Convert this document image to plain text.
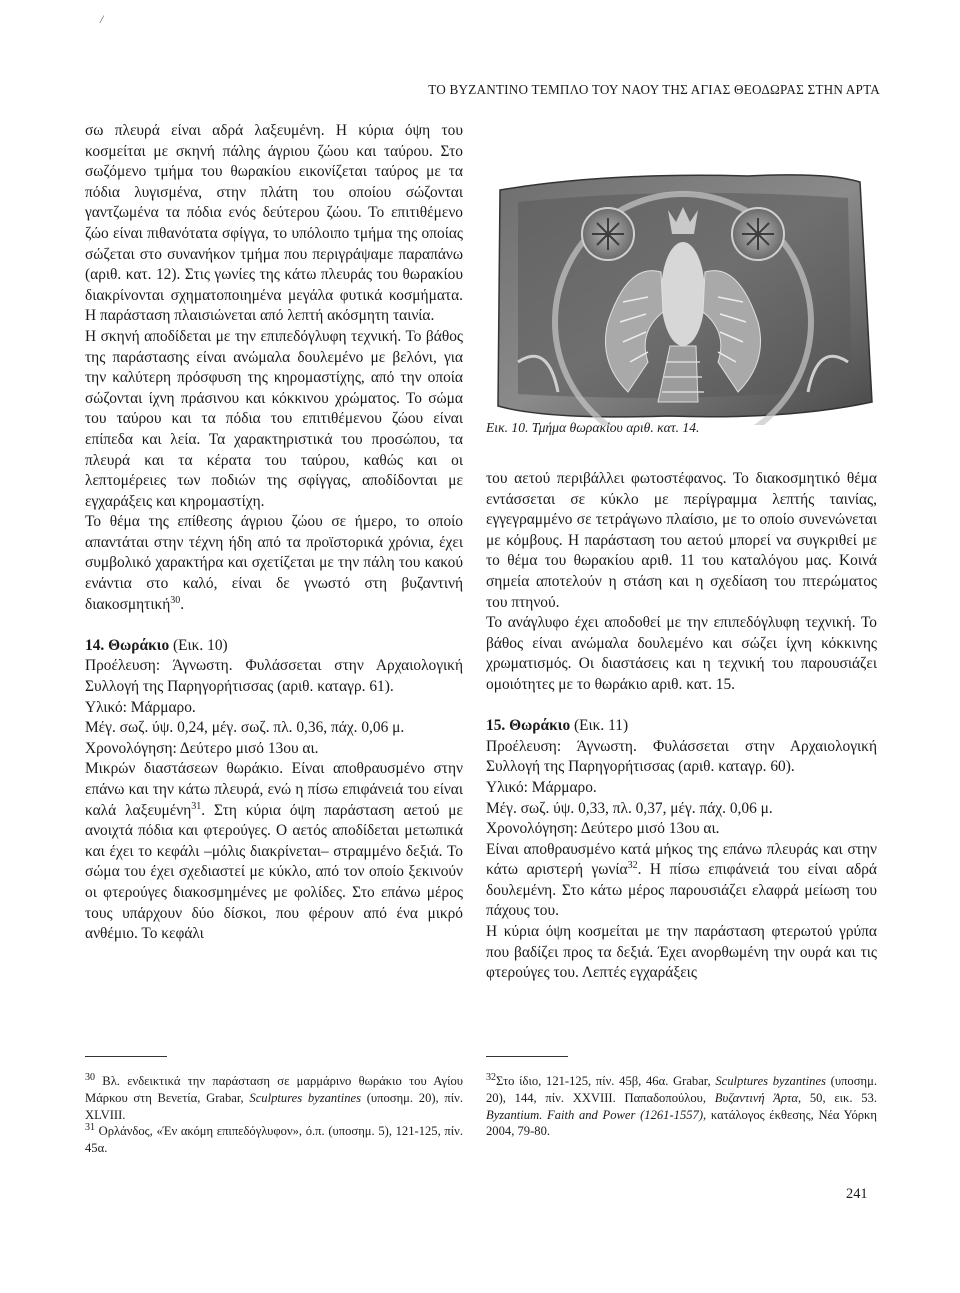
/
ΤΟ ΒΥΖΑΝΤΙΝΟ ΤΕΜΠΛΟ ΤΟΥ ΝΑΟΥ ΤΗΣ ΑΓΙΑΣ ΘΕΟΔΩΡΑΣ ΣΤΗΝ ΑΡΤΑ

σω πλευρά είναι αδρά λαξευμένη. Η κύρια όψη του κοσμείται με σκηνή πάλης άγριου ζώου και ταύρου. Στο σωζόμενο τμήμα του θωρακίου εικονίζεται ταύρος με τα πόδια λυγισμένα, στην πλάτη του οποίου σώζονται γαντζωμένα τα πόδια ενός δεύτερου ζώου. Το επιτιθέμενο ζώο είναι πιθανότατα σφίγγα, το υπόλοιπο τμήμα της οποίας σώζεται στο συνανήκον τμήμα που περιγράψαμε παραπάνω (αριθ. κατ. 12). Στις γωνίες της κάτω πλευράς του θωρακίου διακρίνονται σχηματοποιημένα μεγάλα φυτικά κοσμήματα. Η παράσταση πλαισιώνεται από λεπτή ακόσμητη ταινία.

Η σκηνή αποδίδεται με την επιπεδόγλυφη τεχνική. Το βάθος της παράστασης είναι ανώμαλα δουλεμένο με βελόνι, για την καλύτερη πρόσφυση της κηρομαστίχης, από την οποία σώζονται ίχνη πράσινου και κόκκινου χρώματος. Το σώμα του ταύρου και τα πόδια του επιτιθέμενου ζώου είναι επίπεδα και λεία. Τα χαρακτηριστικά του προσώπου, τα πλευρά και τα κέρατα του ταύρου, καθώς και οι λεπτομέρειες των ποδιών της σφίγγας, αποδίδονται με εγχαράξεις και κηρομαστίχη.

Το θέμα της επίθεσης άγριου ζώου σε ήμερο, το οποίο απαντάται στην τέχνη ήδη από τα προϊστορικά χρόνια, έχει συμβολικό χαρακτήρα και σχετίζεται με την πάλη του κακού ενάντια στο καλό, είναι δε γνωστό στη βυζαντινή διακοσμητική$^{30}$.

14. Θωράκιο (Εικ. 10)

Προέλευση: Άγνωστη. Φυλάσσεται στην Αρχαιολογική Συλλογή της Παρηγορήτισσας (αριθ. καταγρ. 61).

Υλικό: Μάρμαρο.

Μέγ. σωζ. ύψ. 0,24, μέγ. σωζ. πλ. 0,36, πάχ. 0,06 μ.

Χρονολόγηση: Δεύτερο μισό 13ου αι.

Μικρών διαστάσεων θωράκιο. Είναι αποθραυσμένο στην επάνω και την κάτω πλευρά, ενώ η πίσω επιφάνειά του είναι καλά λαξευμένη$^{31}$. Στη κύρια όψη παράσταση αετού με ανοιχτά πόδια και φτερούγες. Ο αετός αποδίδεται μετωπικά και έχει το κεφάλι –μόλις διακρίνεται– στραμμένο δεξιά. Το σώμα του έχει σχεδιαστεί με κύκλο, από τον οποίο ξεκινούν οι φτερούγες διακοσμημένες με φολίδες. Στο επάνω μέρος τους υπάρχουν δύο δίσκοι, που φέρουν από ένα μικρό ανθέμιο. Το κεφάλι

Εικ. 10. Τμήμα θωρακίου αριθ. κατ. 14.

του αετού περιβάλλει φωτοστέφανος. Το διακοσμητικό θέμα εντάσσεται σε κύκλο με περίγραμμα λεπτής ταινίας, εγγεγραμμένο σε τετράγωνο πλαίσιο, με το οποίο συνενώνεται με κόμβους. Η παράσταση του αετού μπορεί να συγκριθεί με το θέμα του θωρακίου αριθ. 11 του καταλόγου μας. Κοινά σημεία αποτελούν η στάση και η σχεδίαση του πτερώματος του πτηνού.

Το ανάγλυφο έχει αποδοθεί με την επιπεδόγλυφη τεχνική. Το βάθος είναι ανώμαλα δουλεμένο και σώζει ίχνη κόκκινης χρωματισμός. Οι διαστάσεις και η τεχνική του παρουσιάζει ομοιότητες με το θωράκιο αριθ. κατ. 15.

15. Θωράκιο (Εικ. 11)

Προέλευση: Άγνωστη. Φυλάσσεται στην Αρχαιολογική Συλλογή της Παρηγορήτισσας (αριθ. καταγρ. 60).

Υλικό: Μάρμαρο.

Μέγ. σωζ. ύψ. 0,33, πλ. 0,37, μέγ. πάχ. 0,06 μ.

Χρονολόγηση: Δεύτερο μισό 13ου αι.

Είναι αποθραυσμένο κατά μήκος της επάνω πλευράς και στην κάτω αριστερή γωνία$^{32}$. Η πίσω επιφάνειά του είναι αδρά δουλεμένη. Στο κάτω μέρος παρουσιάζει ελαφρά μείωση του πάχους του.

Η κύρια όψη κοσμείται με την παράσταση φτερωτού γρύπα που βαδίζει προς τα δεξιά. Έχει ανορθωμένη την ουρά και τις φτερούγες του. Λεπτές εγχαράξεις

$^{30}$ Βλ. ενδεικτικά την παράσταση σε μαρμάρινο θωράκιο του Αγίου Μάρκου στη Βενετία, Grabar, Sculptures byzantines (υποσημ. 20), πίν. XLVIII.

$^{31}$ Ορλάνδος, «Έν ακόμη επιπεδόγλυφον», ό.π. (υποσημ. 5), 121-125, πίν. 45α.

$^{32}$Στο ίδιο, 121-125, πίν. 45β, 46α. Grabar, Sculptures byzantines (υποσημ. 20), 144, πίν. XXVIII. Παπαδοπούλου, Βυζαντινή Άρτα, 50, εικ. 53. Byzantium. Faith and Power (1261-1557), κατάλογος έκθεσης, Νέα Υόρκη 2004, 79-80.

241
